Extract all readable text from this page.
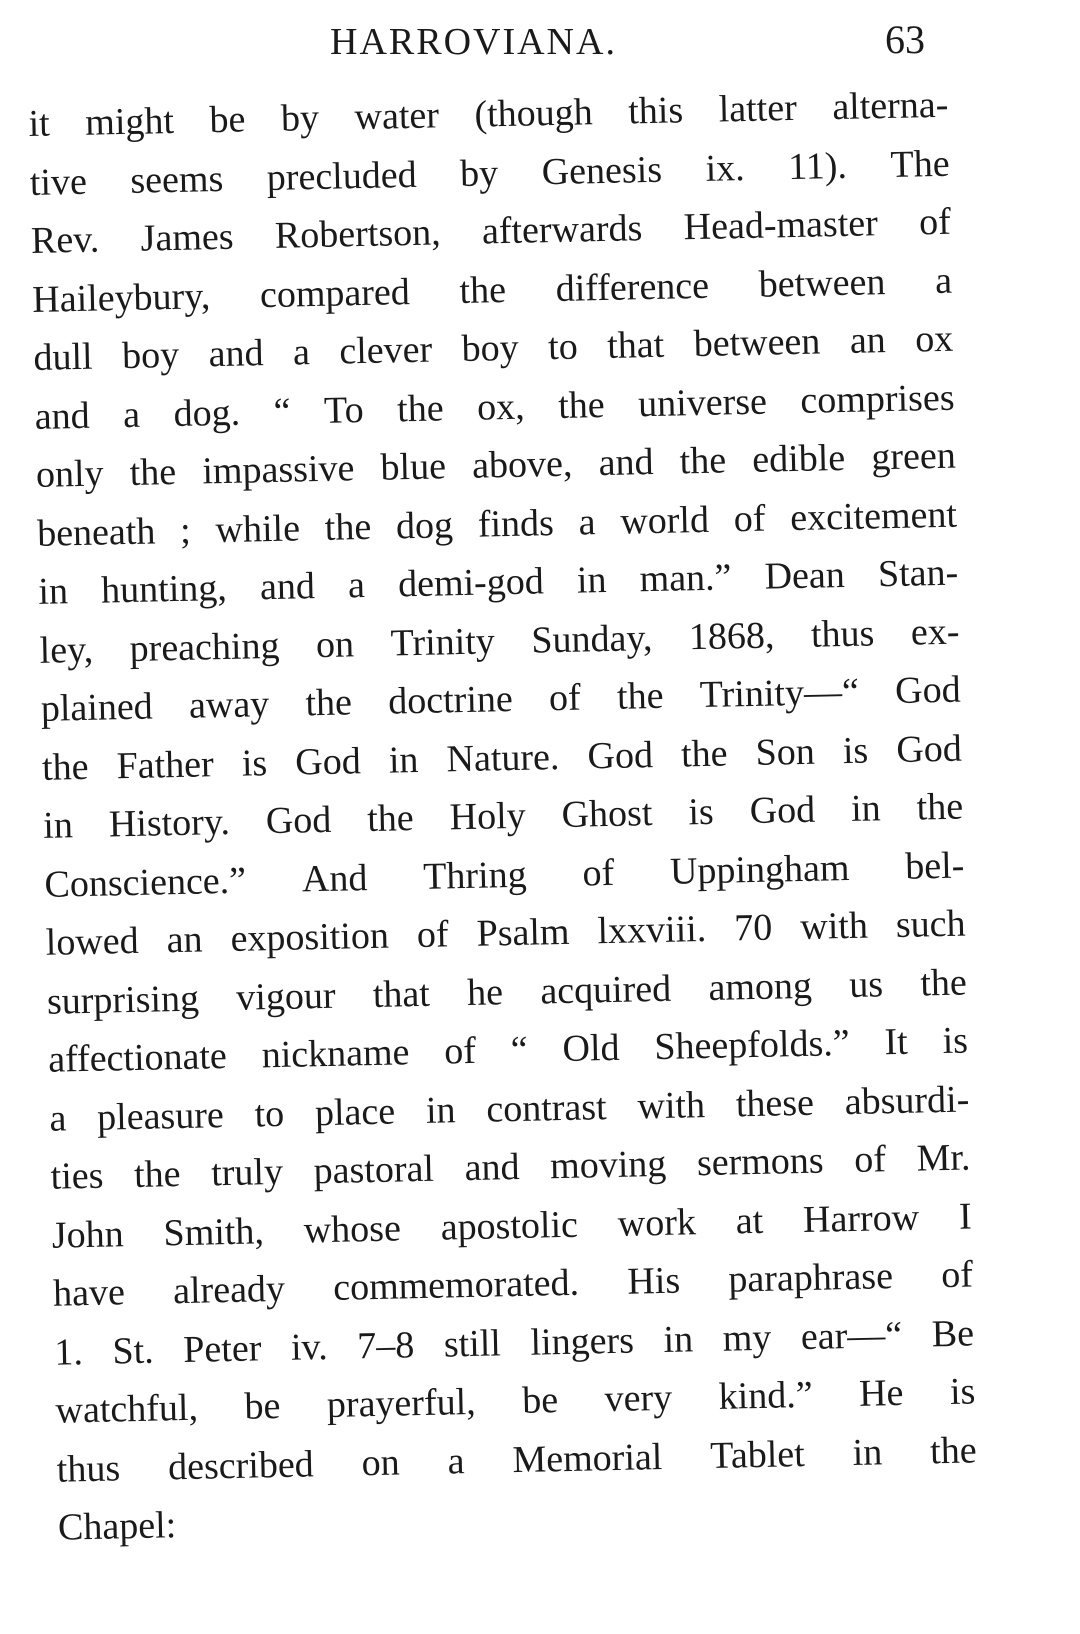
HARROVIANA.	63
it might be by water (though this latter alterna-
tive seems precluded by Genesis ix. 11). The
Rev. James Robertson, afterwards Head-master of
Haileybury, compared the difference between a
dull boy and a clever boy to that between an ox
and a dog. “ To the ox, the universe comprises
only the impassive blue above, and the edible green
beneath ; while the dog finds a world of excitement
in hunting, and a demi-god in man.” Dean Stan-
ley, preaching on Trinity Sunday, 1868, thus ex-
plained away the doctrine of the Trinity—“ God
the Father is God in Nature. God the Son is God
in History. God the Holy Ghost is God in the
Conscience.” And Thring of Uppingham bel-
lowed an exposition of Psalm lxxviii. 70 with such
surprising vigour that he acquired among us the
affectionate nickname of “ Old Sheepfolds.” It is
a pleasure to place in contrast with these absurdi-
ties the truly pastoral and moving sermons of Mr.
John Smith, whose apostolic work at Harrow I
have already commemorated. His paraphrase of
1. St. Peter iv. 7–8 still lingers in my ear—“ Be
watchful, be prayerful, be very kind.” He is
thus described on a Memorial Tablet in the
Chapel :
